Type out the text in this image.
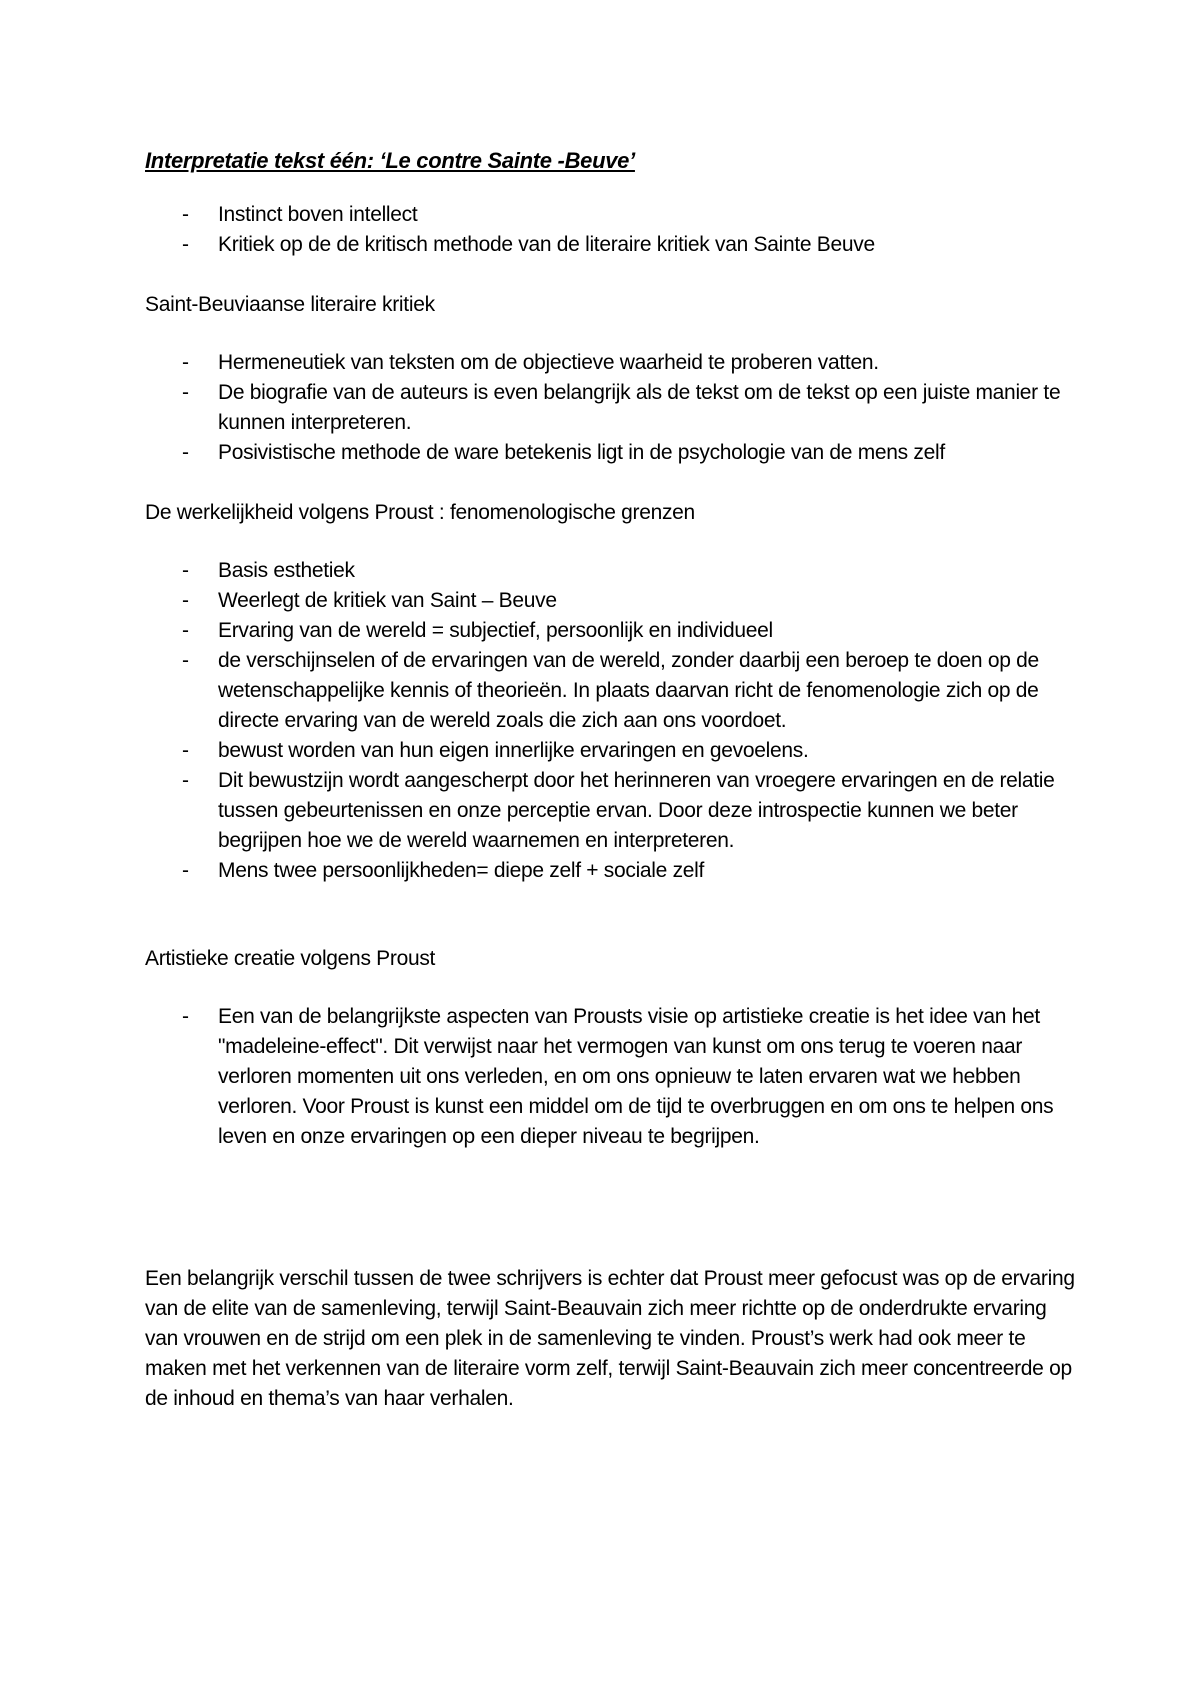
Interpretatie tekst één: ‘Le contre Sainte -Beuve’
- Instinct boven intellect
- Kritiek op de de kritisch methode van de literaire kritiek van Sainte Beuve
Saint-Beuviaanse literaire kritiek
- Hermeneutiek van teksten om de objectieve waarheid te proberen vatten.
- De biografie van de auteurs is even belangrijk als de tekst om de tekst op een juiste manier te kunnen interpreteren.
- Posivistische methode de ware betekenis ligt in de psychologie van de mens zelf
De werkelijkheid volgens Proust : fenomenologische grenzen
- Basis esthetiek
- Weerlegt de kritiek van Saint – Beuve
- Ervaring van de wereld = subjectief, persoonlijk en individueel
- de verschijnselen of de ervaringen van de wereld, zonder daarbij een beroep te doen op de wetenschappelijke kennis of theorieën. In plaats daarvan richt de fenomenologie zich op de directe ervaring van de wereld zoals die zich aan ons voordoet.
- bewust worden van hun eigen innerlijke ervaringen en gevoelens.
- Dit bewustzijn wordt aangescherpt door het herinneren van vroegere ervaringen en de relatie tussen gebeurtenissen en onze perceptie ervan. Door deze introspectie kunnen we beter begrijpen hoe we de wereld waarnemen en interpreteren.
- Mens twee persoonlijkheden= diepe zelf + sociale zelf
Artistieke creatie volgens Proust
- Een van de belangrijkste aspecten van Prousts visie op artistieke creatie is het idee van het "madeleine-effect". Dit verwijst naar het vermogen van kunst om ons terug te voeren naar verloren momenten uit ons verleden, en om ons opnieuw te laten ervaren wat we hebben verloren. Voor Proust is kunst een middel om de tijd te overbruggen en om ons te helpen ons leven en onze ervaringen op een dieper niveau te begrijpen.

Een belangrijk verschil tussen de twee schrijvers is echter dat Proust meer gefocust was op de ervaring van de elite van de samenleving, terwijl Saint-Beauvain zich meer richtte op de onderdrukte ervaring van vrouwen en de strijd om een plek in de samenleving te vinden. Proust’s werk had ook meer te maken met het verkennen van de literaire vorm zelf, terwijl Saint-Beauvain zich meer concentreerde op de inhoud en thema’s van haar verhalen.
